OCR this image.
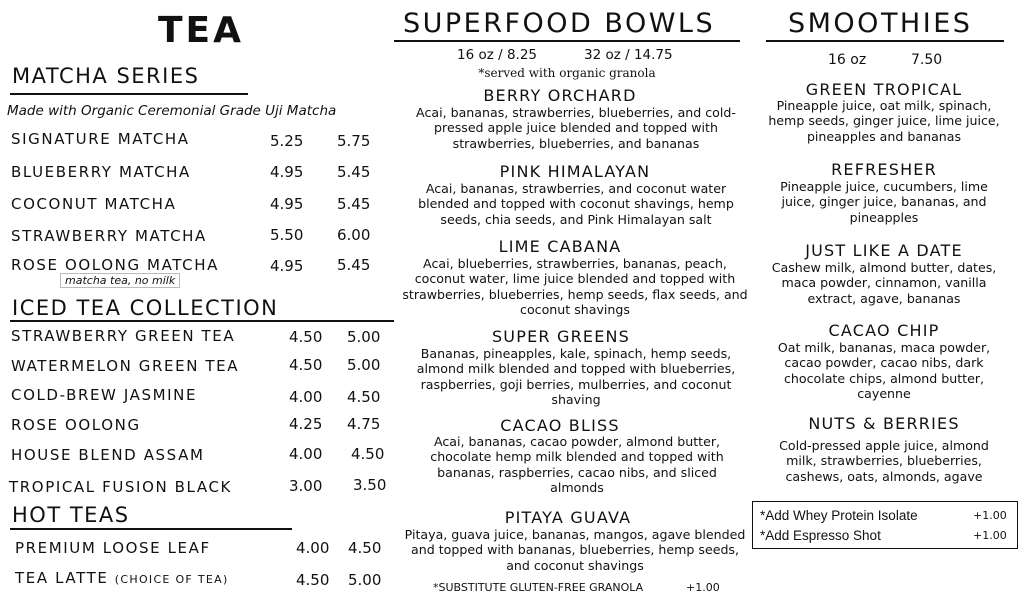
TEA
MATCHA SERIES
Made with Organic Ceremonial Grade Uji Matcha
SIGNATURE MATCHA	5.25 5.75
BLUEBERRY MATCHA	4.95 5.45
COCONUT MATCHA	4.95 5.45
STRAWBERRY MATCHA	5.50 6.00
ROSE OOLONG MATCHA	4.95 5.45
matcha tea, no milk
ICED TEA COLLECTION
STRAWBERRY GREEN TEA	4.50 5.00
WATERMELON GREEN TEA	4.50 5.00
COLD-BREW JASMINE	4.00 4.50
ROSE OOLONG	4.25 4.75
HOUSE BLEND ASSAM	4.00 4.50
TROPICAL FUSION BLACK	3.00 3.50
HOT TEAS
PREMIUM LOOSE LEAF	4.00 4.50
TEA LATTE (CHOICE OF TEA)	4.50 5.00
SUPERFOOD BOWLS
16 oz / 8.25	32 oz / 14.75
*served with organic granola
BERRY ORCHARD
Acai, bananas, strawberries, blueberries, and cold-pressed apple juice blended and topped with strawberries, blueberries, and bananas
PINK HIMALAYAN
Acai, bananas, strawberries, and coconut water blended and topped with coconut shavings, hemp seeds, chia seeds, and Pink Himalayan salt
LIME CABANA
Acai, blueberries, strawberries, bananas, peach, coconut water, lime juice blended and topped with strawberries, blueberries, hemp seeds, flax seeds, and coconut shavings
SUPER GREENS
Bananas, pineapples, kale, spinach, hemp seeds, almond milk blended and topped with blueberries, raspberries, goji berries, mulberries, and coconut shaving
CACAO BLISS
Acai, bananas, cacao powder, almond butter, chocolate hemp milk blended and topped with bananas, raspberries, cacao nibs, and sliced almonds
PITAYA GUAVA
Pitaya, guava juice, bananas, mangos, agave blended and topped with bananas, blueberries, hemp seeds, and coconut shavings
*SUBSTITUTE GLUTEN-FREE GRANOLA	+1.00
SMOOTHIES
16 oz	7.50
GREEN TROPICAL
Pineapple juice, oat milk, spinach, hemp seeds, ginger juice, lime juice, pineapples and bananas
REFRESHER
Pineapple juice, cucumbers, lime juice, ginger juice, bananas, and pineapples
JUST LIKE A DATE
Cashew milk, almond butter, dates, maca powder, cinnamon, vanilla extract, agave, bananas
CACAO CHIP
Oat milk, bananas, maca powder, cacao powder, cacao nibs, dark chocolate chips, almond butter, cayenne
NUTS & BERRIES
Cold-pressed apple juice, almond milk, strawberries, blueberries, cashews, oats, almonds, agave
*Add Whey Protein Isolate	+1.00
*Add Espresso Shot	+1.00
